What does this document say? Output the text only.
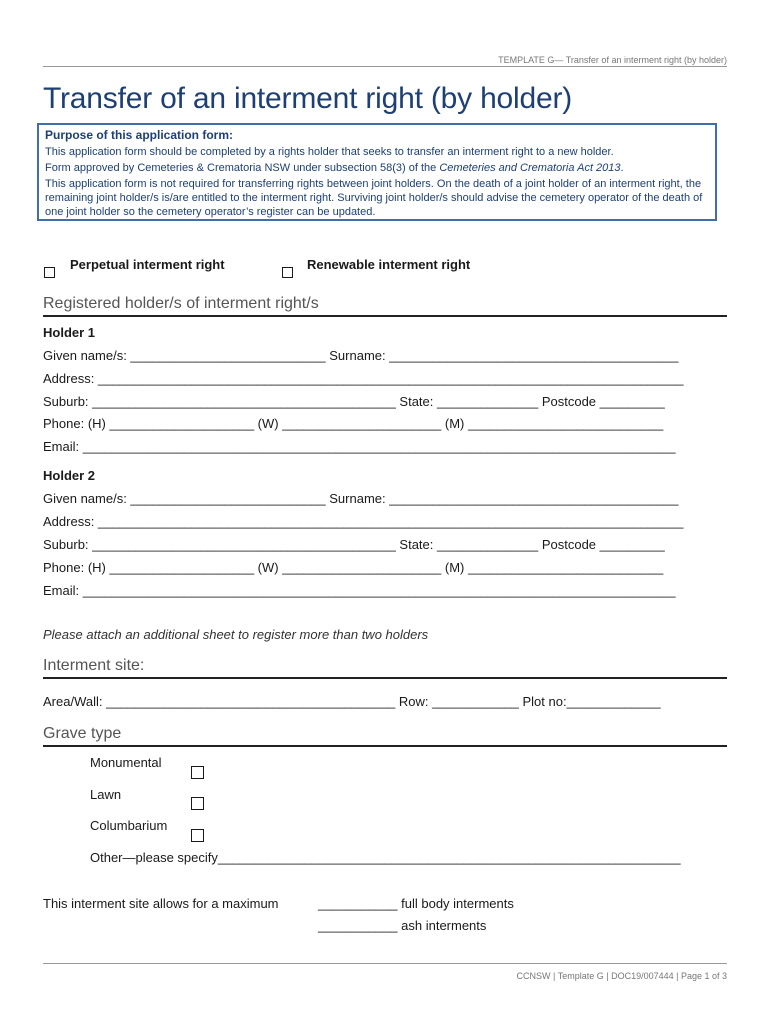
TEMPLATE G— Transfer of an interment right (by holder)
Transfer of an interment right (by holder)
Purpose of this application form:

This application form should be completed by a rights holder that seeks to transfer an interment right to a new holder.

Form approved by Cemeteries & Crematoria NSW under subsection 58(3) of the Cemeteries and Crematoria Act 2013.

This application form is not required for transferring rights between joint holders. On the death of a joint holder of an interment right, the remaining joint holder/s is/are entitled to the interment right. Surviving joint holder/s should advise the cemetery operator of the death of one joint holder so the cemetery operator’s register can be updated.

Perpetual interment right	Renewable interment right
Registered holder/s of interment right/s
Holder 1
Given name/s: ___________________________ Surname: ________________________________________
Address: _________________________________________________________________________________
Suburb: __________________________________________ State: ______________ Postcode _________
Phone: (H) ____________________ (W) ______________________ (M) ___________________________
Email: __________________________________________________________________________________
Holder 2
Given name/s: ___________________________ Surname: ________________________________________
Address: _________________________________________________________________________________
Suburb: __________________________________________ State: ______________ Postcode _________
Phone: (H) ____________________ (W) ______________________ (M) ___________________________
Email: __________________________________________________________________________________
Please attach an additional sheet to register more than two holders
Interment site:
Area/Wall: ________________________________________ Row: ____________ Plot no:_____________
Grave type
Monumental
Lawn
Columbarium
Other—please specify________________________________________________________________
This interment site allows for a maximum	___________ full body interments
___________ ash interments
CCNSW | Template G | DOC19/007444 | Page 1 of 3
